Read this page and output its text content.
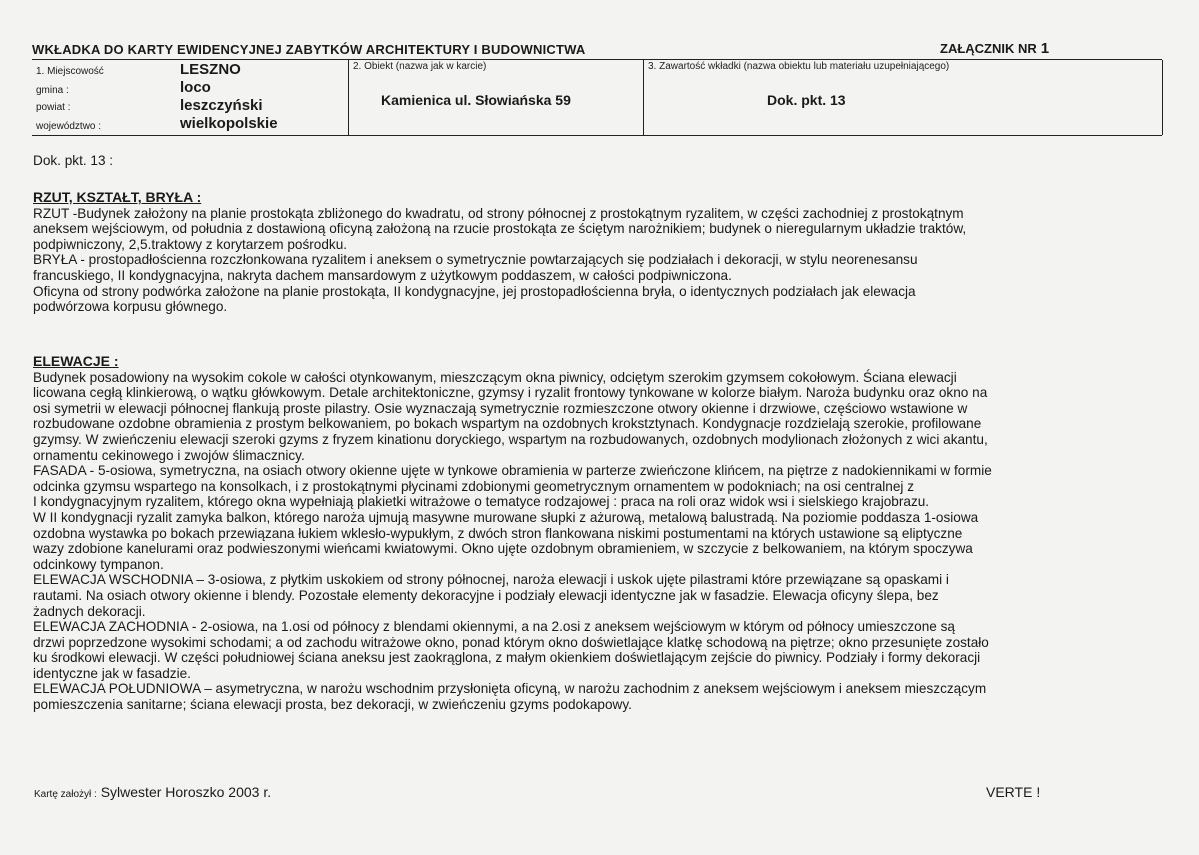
WKŁADKA DO KARTY EWIDENCYJNEJ ZABYTKÓW ARCHITEKTURY I BUDOWNICTWA	ZAŁĄCZNIK NR 1
1. Miejscowość	LESZNO
gmina :	loco
powiat :	leszczyński
województwo :	wielkopolskie
2. Obiekt (nazwa jak w karcie)
Kamienica ul. Słowiańska 59
3. Zawartość wkładki (nazwa obiektu lub materiału uzupełniającego)
Dok. pkt. 13
Dok. pkt. 13 :

RZUT, KSZTAŁT, BRYŁA :

RZUT -Budynek założony na planie prostokąta zbliżonego do kwadratu, od strony północnej z prostokątnym ryzalitem, w części zachodniej z prostokątnym

aneksem wejściowym, od południa z dostawioną oficyną założoną na rzucie prostokąta ze ściętym narożnikiem; budynek o nieregularnym układzie traktów,

podpiwniczony, 2,5.traktowy z korytarzem pośrodku.

BRYŁA - prostopadłościenna rozczłonkowana ryzalitem i aneksem o symetrycznie powtarzających się podziałach i dekoracji, w stylu neorenesansu

francuskiego, II kondygnacyjna, nakryta dachem mansardowym z użytkowym poddaszem, w całości podpiwniczona.

Oficyna od strony podwórka założone na planie prostokąta, II kondygnacyjne, jej prostopadłościenna bryła, o identycznych podziałach jak elewacja

podwórzowa korpusu głównego.

ELEWACJE :

Budynek posadowiony na wysokim cokole w całości otynkowanym, mieszczącym okna piwnicy, odciętym szerokim gzymsem cokołowym. Ściana elewacji

licowana cegłą klinkierową, o wątku główkowym. Detale architektoniczne, gzymsy i ryzalit frontowy tynkowane w kolorze białym. Naroża budynku oraz okno na

osi symetrii w elewacji północnej flankują proste pilastry. Osie wyznaczają symetrycznie rozmieszczone otwory okienne i drzwiowe, częściowo wstawione w

rozbudowane ozdobne obramienia z prostym belkowaniem, po bokach wspartym na ozdobnych krokstztynach. Kondygnacje rozdzielają szerokie, profilowane

gzymsy. W zwieńczeniu elewacji szeroki gzyms z fryzem kinationu doryckiego, wspartym na rozbudowanych, ozdobnych modylionach złożonych z wici akantu,

ornamentu cekinowego i zwojów ślimacznicy.

FASADA - 5-osiowa, symetryczna, na osiach otwory okienne ujęte w tynkowe obramienia w parterze zwieńczone klińcem, na piętrze z nadokiennikami w formie

odcinka gzymsu wspartego na konsolkach, i z prostokątnymi płycinami zdobionymi geometrycznym ornamentem w podokniach; na osi centralnej z

I kondygnacyjnym ryzalitem, którego okna wypełniają plakietki witrażowe o tematyce rodzajowej : praca na roli oraz widok wsi i sielskiego krajobrazu.

W II kondygnacji ryzalit zamyka balkon, którego naroża ujmują masywne murowane słupki z ażurową, metalową balustradą. Na poziomie poddasza 1-osiowa

ozdobna wystawka po bokach przewiązana łukiem wklesło-wypukłym, z dwóch stron flankowana niskimi postumentami na których ustawione są eliptyczne

wazy zdobione kanelurami oraz podwieszonymi wieńcami kwiatowymi. Okno ujęte ozdobnym obramieniem, w szczycie z belkowaniem, na którym spoczywa

odcinkowy tympanon.

ELEWACJA WSCHODNIA – 3-osiowa, z płytkim uskokiem od strony północnej, naroża elewacji i uskok ujęte pilastrami które przewiązane są opaskami i

rautami. Na osiach otwory okienne i blendy. Pozostałe elementy dekoracyjne i podziały elewacji identyczne jak w fasadzie. Elewacja oficyny ślepa, bez

żadnych dekoracji.

ELEWACJA ZACHODNIA - 2-osiowa, na 1.osi od północy z blendami okiennymi, a na 2.osi z aneksem wejściowym w którym od północy umieszczone są

drzwi poprzedzone wysokimi schodami; a od zachodu witrażowe okno, ponad którym okno doświetlające klatkę schodową na piętrze; okno przesunięte zostało

ku środkowi elewacji. W części południowej ściana aneksu jest zaokrąglona, z małym okienkiem doświetlającym zejście do piwnicy. Podziały i formy dekoracji

identyczne jak w fasadzie.

ELEWACJA POŁUDNIOWA – asymetryczna, w narożu wschodnim przysłonięta oficyną, w narożu zachodnim z aneksem wejściowym i aneksem mieszczącym

pomieszczenia sanitarne; ściana elewacji prosta, bez dekoracji, w zwieńczeniu gzyms podokapowy.

Kartę założył : Sylwester Horoszko 2003 r.	VERTE !
